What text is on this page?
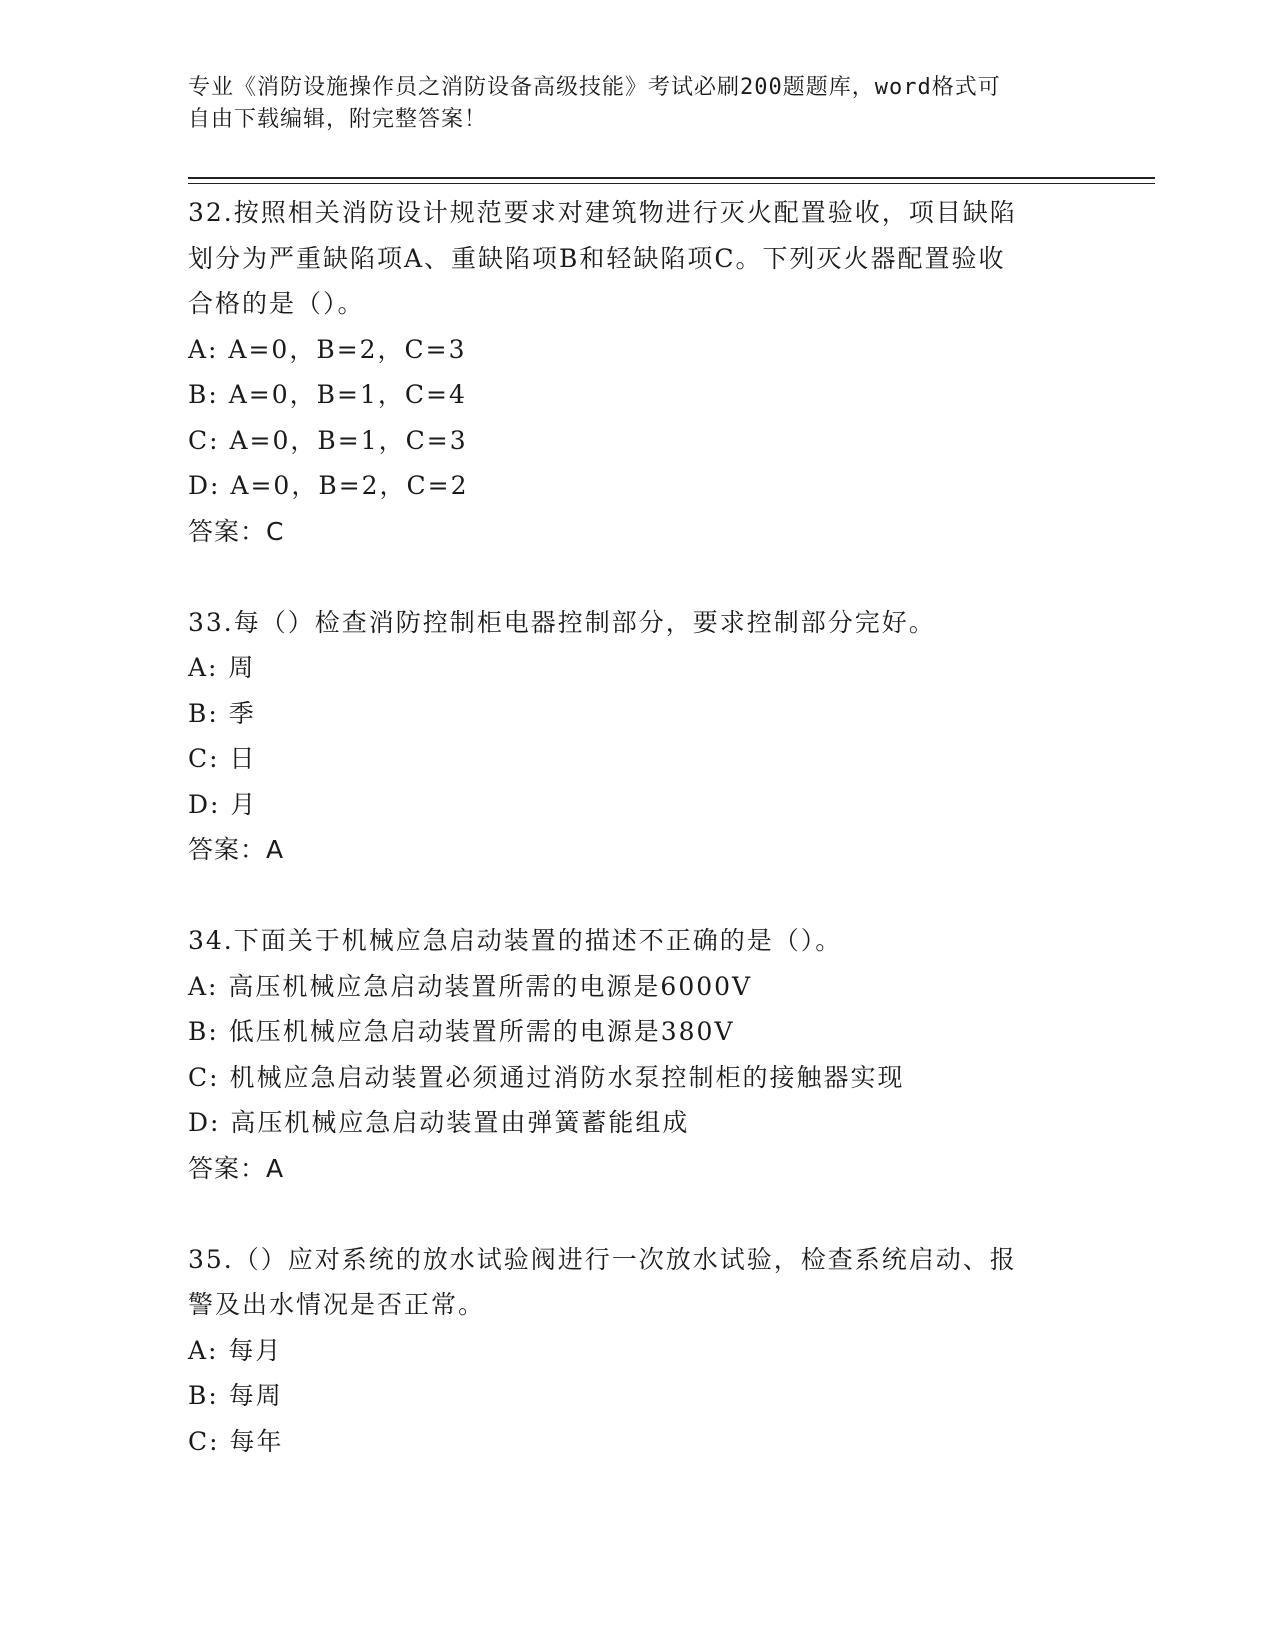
专业《消防设施操作员之消防设备高级技能》考试必刷200题题库，word格式可
自由下载编辑，附完整答案！

32.按照相关消防设计规范要求对建筑物进行灭火配置验收，项目缺陷

划分为严重缺陷项A、重缺陷项B和轻缺陷项C。下列灭火器配置验收

合格的是（）。

A: A=0，B=2，C=3

B: A=0，B=1，C=4

C: A=0，B=1，C=3

D: A=0，B=2，C=2

答案：C

33.每（）检查消防控制柜电器控制部分，要求控制部分完好。

A: 周

B: 季

C: 日

D: 月

答案：A

34.下面关于机械应急启动装置的描述不正确的是（）。

A: 高压机械应急启动装置所需的电源是6000V

B: 低压机械应急启动装置所需的电源是380V

C: 机械应急启动装置必须通过消防水泵控制柜的接触器实现

D: 高压机械应急启动装置由弹簧蓄能组成

答案：A

35.（）应对系统的放水试验阀进行一次放水试验，检查系统启动、报

警及出水情况是否正常。

A: 每月

B: 每周

C: 每年
